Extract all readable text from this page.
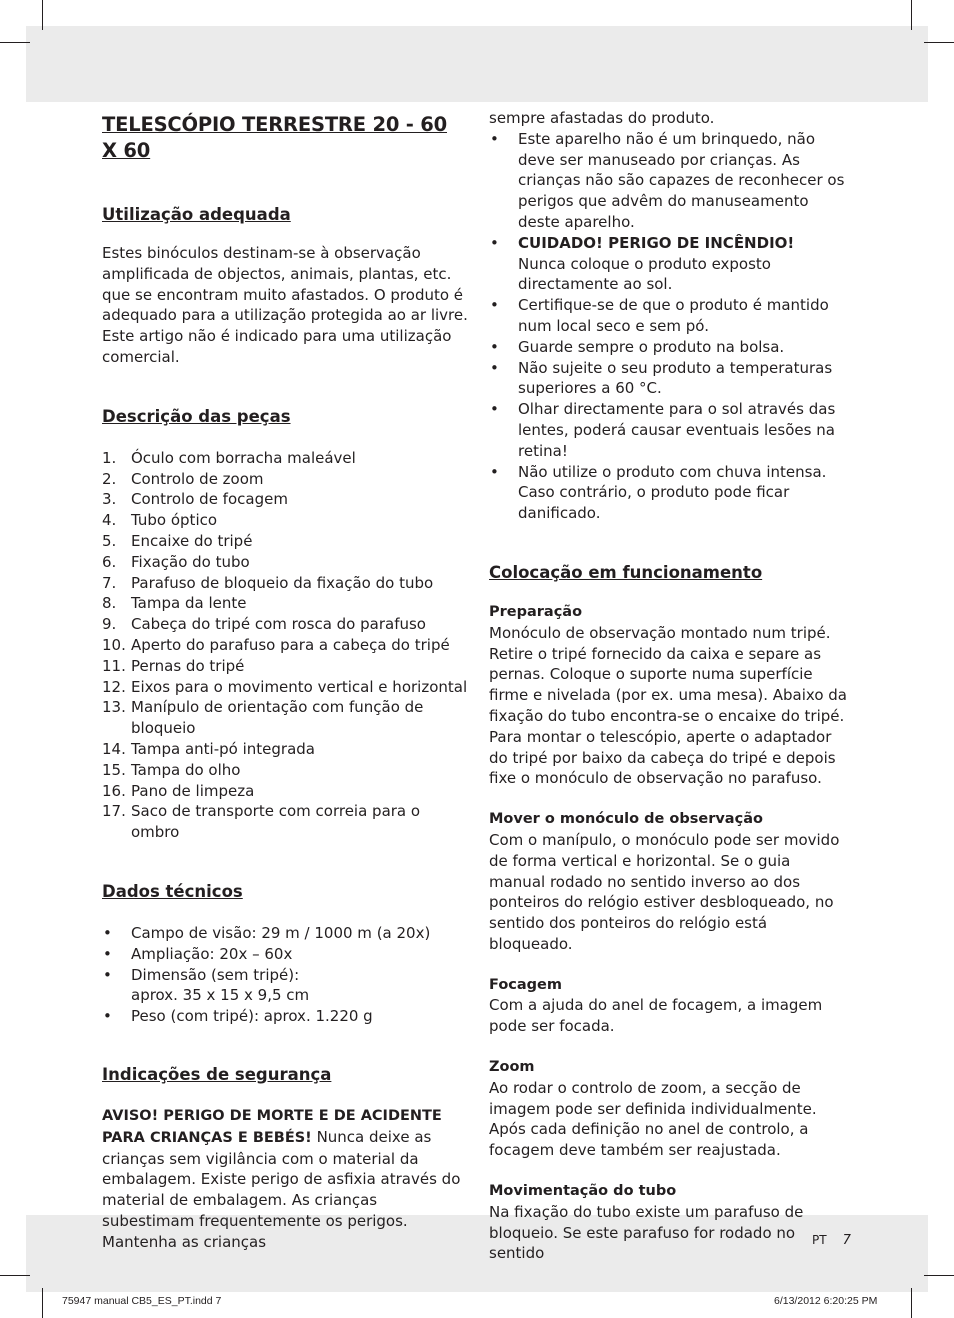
TELESCÓPIO TERRESTRE 20 - 60 X 60
Utilização adequada

Estes binóculos destinam-se à observação amplificada de objectos, animais, plantas, etc. que se encontram muito afastados. O produto é adequado para a utilização protegida ao ar livre. Este artigo não é indicado para uma utilização comercial.

Descrição das peças
1. Óculo com borracha maleável
2. Controlo de zoom
3. Controlo de focagem
4. Tubo óptico
5. Encaixe do tripé
6. Fixação do tubo
7. Parafuso de bloqueio da fixação do tubo
8. Tampa da lente
9. Cabeça do tripé com rosca do parafuso
10. Aperto do parafuso para a cabeça do tripé
11. Pernas do tripé
12. Eixos para o movimento vertical e horizontal
13. Manípulo de orientação com função de bloqueio
14. Tampa anti-pó integrada
15. Tampa do olho
16. Pano de limpeza
17. Saco de transporte com correia para o ombro
Dados técnicos
• Campo de visão: 29 m / 1000 m (a 20x)
• Ampliação: 20x – 60x
• Dimensão (sem tripé):
aprox. 35 x 15 x 9,5 cm
• Peso (com tripé): aprox. 1.220 g
Indicações de segurança

AVISO! PERIGO DE MORTE E DE ACIDENTE PARA CRIANÇAS E BEBÉS! Nunca deixe as crianças sem vigilância com o material da embalagem. Existe perigo de asfixia através do material de embalagem. As crianças subestimam frequentemente os perigos. Mantenha as crianças

sempre afastadas do produto.

• Este aparelho não é um brinquedo, não deve ser manuseado por crianças. As crianças não são capazes de reconhecer os perigos que advêm do manuseamento deste aparelho.
• CUIDADO! PERIGO DE INCÊNDIO!
Nunca coloque o produto exposto directamente ao sol.
• Certifique-se de que o produto é mantido num local seco e sem pó.
• Guarde sempre o produto na bolsa.
• Não sujeite o seu produto a temperaturas superiores a 60 °C.
• Olhar directamente para o sol através das lentes, poderá causar eventuais lesões na retina!
• Não utilize o produto com chuva intensa. Caso contrário, o produto pode ficar danificado.
Colocação em funcionamento
Preparação

Monóculo de observação montado num tripé. Retire o tripé fornecido da caixa e separe as pernas. Coloque o suporte numa superfície firme e nivelada (por ex. uma mesa). Abaixo da fixação do tubo encontra-se o encaixe do tripé. Para montar o telescópio, aperte o adaptador do tripé por baixo da cabeça do tripé e depois fixe o monóculo de observação no parafuso.

Mover o monóculo de observação

Com o manípulo, o monóculo pode ser movido de forma vertical e horizontal. Se o guia manual rodado no sentido inverso ao dos ponteiros do relógio estiver desbloqueado, no sentido dos ponteiros do relógio está bloqueado.

Focagem

Com a ajuda do anel de focagem, a imagem pode ser focada.

Zoom

Ao rodar o controlo de zoom, a secção de imagem pode ser definida individualmente. Após cada definição no anel de controlo, a focagem deve também ser reajustada.

Movimentação do tubo

Na fixação do tubo existe um parafuso de bloqueio. Se este parafuso for rodado no sentido

PT 7
75947 manual CB5_ES_PT.indd 7	6/13/2012 6:20:25 PM
